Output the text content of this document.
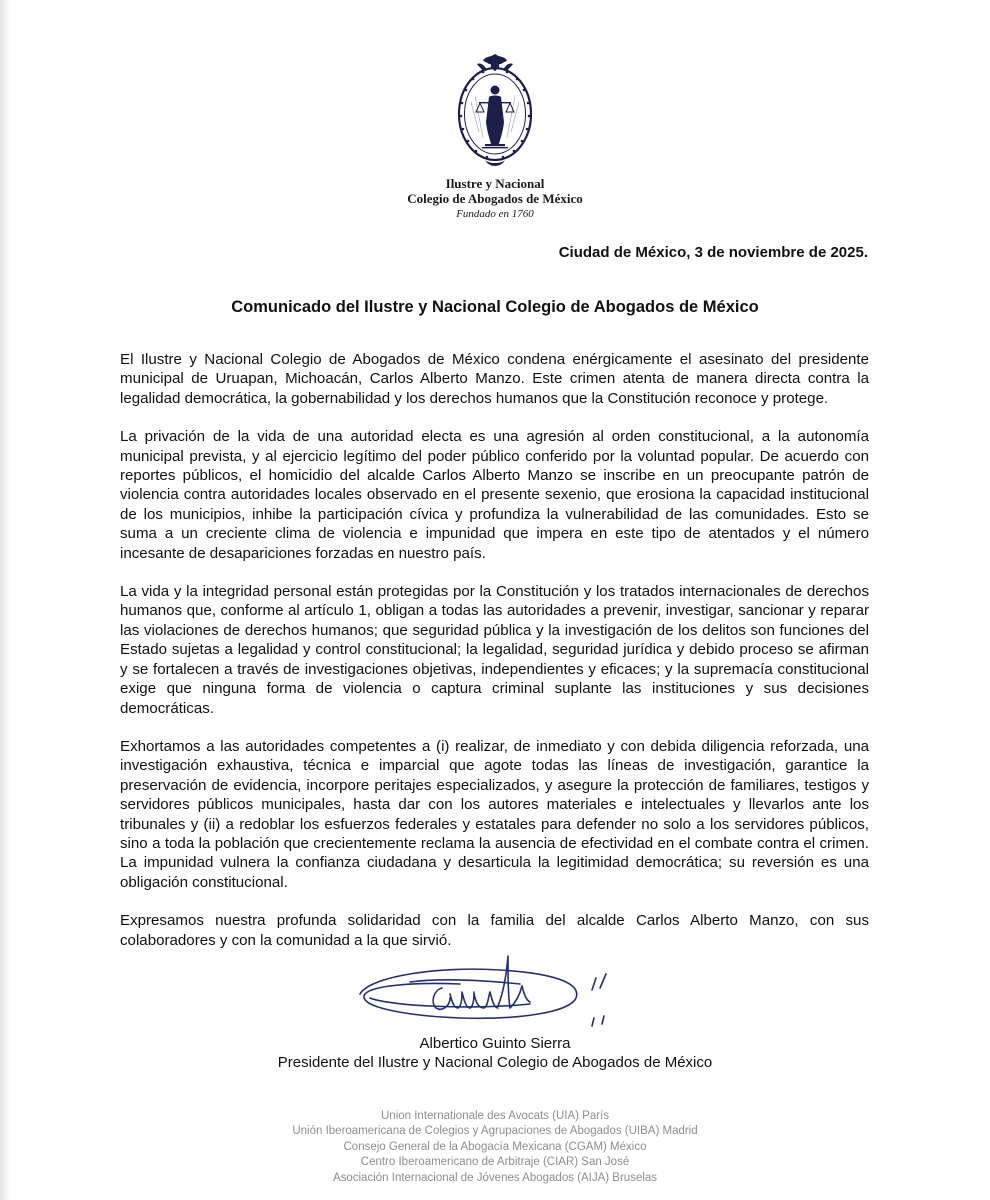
Ilustre y Nacional
Colegio de Abogados de México
Fundado en 1760
Ciudad de México, 3 de noviembre de 2025.
Comunicado del Ilustre y Nacional Colegio de Abogados de México

El Ilustre y Nacional Colegio de Abogados de México condena enérgicamente el asesinato del presidente municipal de Uruapan, Michoacán, Carlos Alberto Manzo. Este crimen atenta de manera directa contra la legalidad democrática, la gobernabilidad y los derechos humanos que la Constitución reconoce y protege.

La privación de la vida de una autoridad electa es una agresión al orden constitucional, a la autonomía municipal prevista, y al ejercicio legítimo del poder público conferido por la voluntad popular. De acuerdo con reportes públicos, el homicidio del alcalde Carlos Alberto Manzo se inscribe en un preocupante patrón de violencia contra autoridades locales observado en el presente sexenio, que erosiona la capacidad institucional de los municipios, inhibe la participación cívica y profundiza la vulnerabilidad de las comunidades. Esto se suma a un creciente clima de violencia e impunidad que impera en este tipo de atentados y el número incesante de desapariciones forzadas en nuestro país.

La vida y la integridad personal están protegidas por la Constitución y los tratados internacionales de derechos humanos que, conforme al artículo 1, obligan a todas las autoridades a prevenir, investigar, sancionar y reparar las violaciones de derechos humanos; que seguridad pública y la investigación de los delitos son funciones del Estado sujetas a legalidad y control constitucional; la legalidad, seguridad jurídica y debido proceso se afirman y se fortalecen a través de investigaciones objetivas, independientes y eficaces; y la supremacía constitucional exige que ninguna forma de violencia o captura criminal suplante las instituciones y sus decisiones democráticas.

Exhortamos a las autoridades competentes a (i) realizar, de inmediato y con debida diligencia reforzada, una investigación exhaustiva, técnica e imparcial que agote todas las líneas de investigación, garantice la preservación de evidencia, incorpore peritajes especializados, y asegure la protección de familiares, testigos y servidores públicos municipales, hasta dar con los autores materiales e intelectuales y llevarlos ante los tribunales y (ii) a redoblar los esfuerzos federales y estatales para defender no solo a los servidores públicos, sino a toda la población que crecientemente reclama la ausencia de efectividad en el combate contra el crimen. La impunidad vulnera la confianza ciudadana y desarticula la legitimidad democrática; su reversión es una obligación constitucional.

Expresamos nuestra profunda solidaridad con la familia del alcalde Carlos Alberto Manzo, con sus colaboradores y con la comunidad a la que sirvió.

Albertico Guinto Sierra
Presidente del Ilustre y Nacional Colegio de Abogados de México
Union Internationale des Avocats (UIA) París
Unión Iberoamericana de Colegios y Agrupaciones de Abogados (UIBA) Madrid
Consejo General de la Abogacía Mexicana (CGAM) México
Centro Iberoamericano de Arbitraje (CIAR) San José
Asociación Internacional de Jóvenes Abogados (AIJA) Bruselas
